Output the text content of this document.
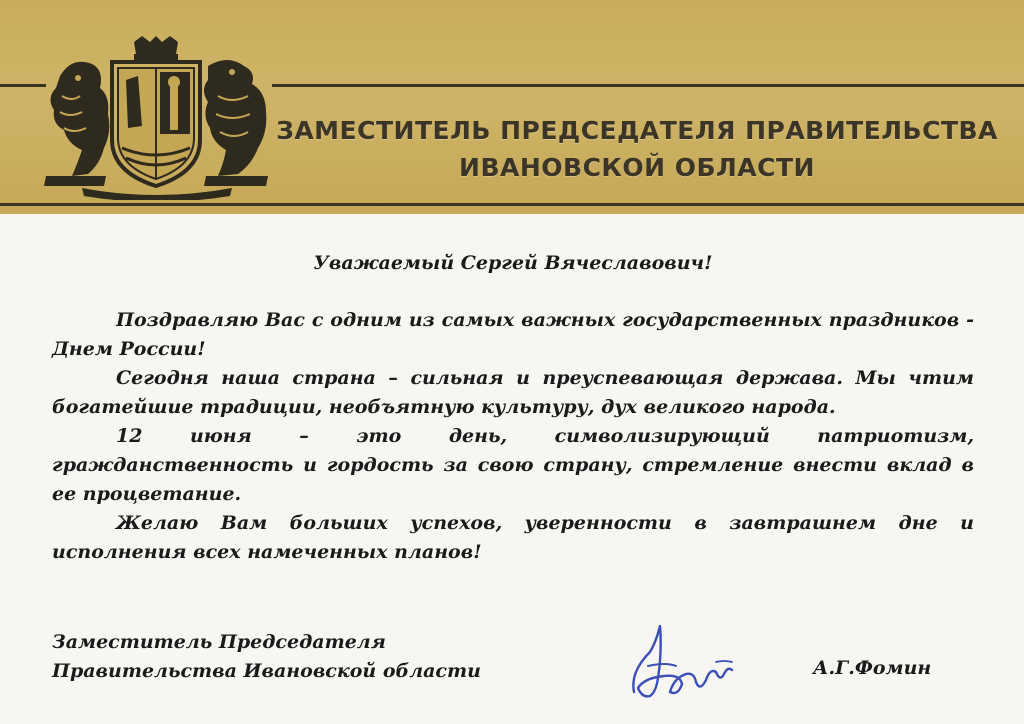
ЗАМЕСТИТЕЛЬ ПРЕДСЕДАТЕЛЯ ПРАВИТЕЛЬСТВА
ИВАНОВСКОЙ ОБЛАСТИ
Уважаемый Сергей Вячеславович!

Поздравляю Вас с одним из самых важных государственных праздников - Днем России!

Сегодня наша страна – сильная и преуспевающая держава. Мы чтим богатейшие традиции, необъятную культуру, дух великого народа.

12 июня – это день, символизирующий патриотизм, гражданственность и гордость за свою страну, стремление внести вклад в ее процветание.

Желаю Вам больших успехов, уверенности в завтрашнем дне и исполнения всех намеченных планов!

Заместитель Председателя
Правительства Ивановской области	А.Г.Фомин
